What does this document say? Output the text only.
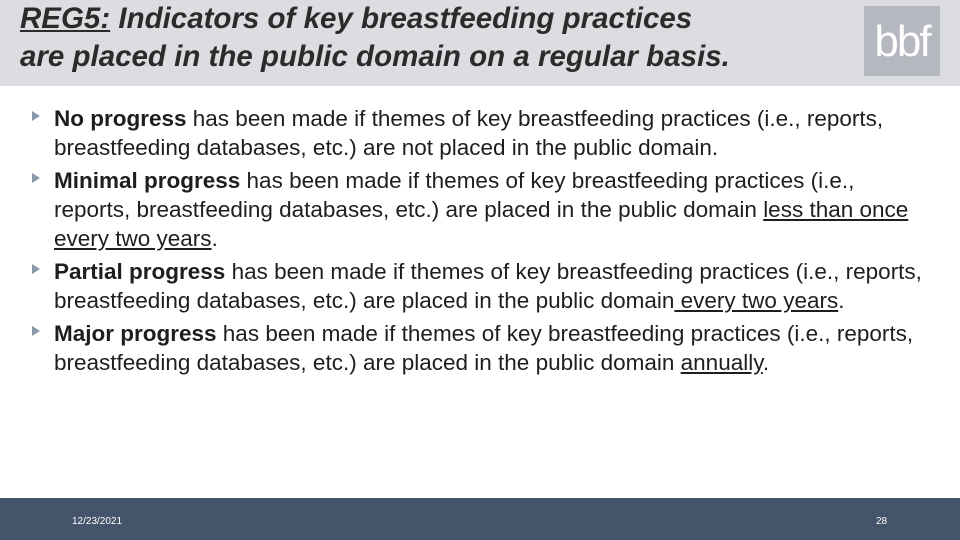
REG5: Indicators of key breastfeeding practices
are placed in the public domain on a regular basis.	bbf
No progress has been made if themes of key breastfeeding practices (i.e., reports, breastfeeding databases, etc.) are not placed in the public domain.
Minimal progress has been made if themes of key breastfeeding practices (i.e., reports, breastfeeding databases, etc.) are placed in the public domain less than once every two years.
Partial progress has been made if themes of key breastfeeding practices (i.e., reports, breastfeeding databases, etc.) are placed in the public domain every two years.
Major progress has been made if themes of key breastfeeding practices (i.e., reports, breastfeeding databases, etc.) are placed in the public domain annually.
12/23/2021	28
